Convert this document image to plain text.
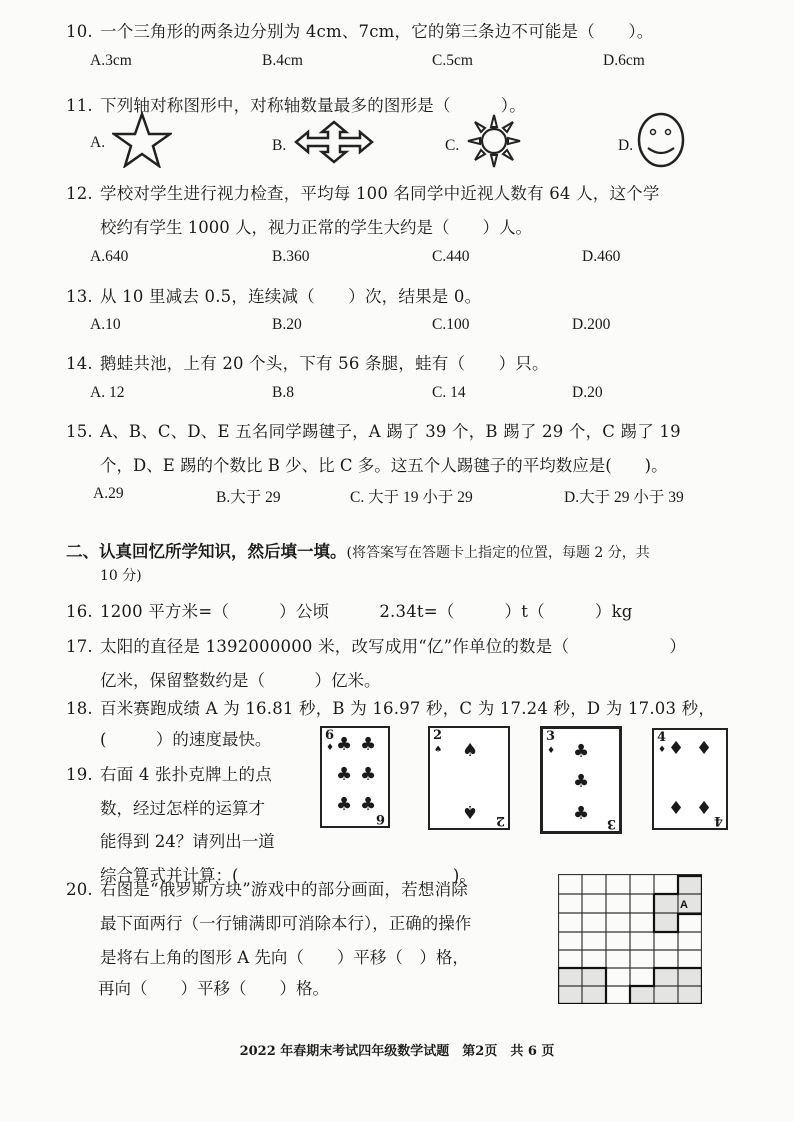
10. 一个三角形的两条边分别为 4cm、7cm，它的第三条边不可能是（　　）。
A.3cm	B.4cm	C.5cm	D.6cm
11. 下列轴对称图形中，对称轴数量最多的图形是（　　　）。
A.	B.	C.	D.
12. 学校对学生进行视力检查，平均每 100 名同学中近视人数有 64 人，这个学
校约有学生 1000 人，视力正常的学生大约是（　　）人。
A.640	B.360	C.440	D.460
13. 从 10 里减去 0.5，连续减（　　）次，结果是 0。
A.10	B.20	C.100	D.200
14. 鹅蛙共池，上有 20 个头，下有 56 条腿，蛙有（　　）只。
A. 12	B.8	C. 14	D.20
15. A、B、C、D、E 五名同学踢毽子，A 踢了 39 个，B 踢了 29 个，C 踢了 19
个，D、E 踢的个数比 B 少、比 C 多。这五个人踢毽子的平均数应是(　　)。
A.29	B.大于 29	C. 大于 19 小于 29	D.大于 29 小于 39
二、认真回忆所学知识，然后填一填。(将答案写在答题卡上指定的位置，每题 2 分，共
10 分)
16. 1200 平方米=（　　　）公顷　　　2.34t=（　　　）t（　　　）kg
17. 太阳的直径是 1392000000 米，改写成用“亿”作单位的数是（　　　　　　）
亿米，保留整数约是（　　　）亿米。
18. 百米赛跑成绩 A 为 16.81 秒，B 为 16.97 秒，C 为 17.24 秒，D 为 17.03 秒，
(　　　）的速度最快。
19. 右面 4 张扑克牌上的点
数，经过怎样的运算才
能得到 24？请列出一道
综合算式并计算：(　　　　　　　　　　　　　)。
6
♦ ♣ ♣
♣ ♣
♣ ♣
6
2
♠ ♠
♠ 2
3
♦ ♣
♣
♣ 3
4
♦ ♦ ♦
♦ ♦
4
20. 右图是“俄罗斯方块”游戏中的部分画面，若想消除
最下面两行（一行铺满即可消除本行），正确的操作
是将右上角的图形 A 先向（　　）平移（　）格，
再向（　　）平移（　　）格。
A
2022 年春期末考试四年级数学试题　第2页　共 6 页
